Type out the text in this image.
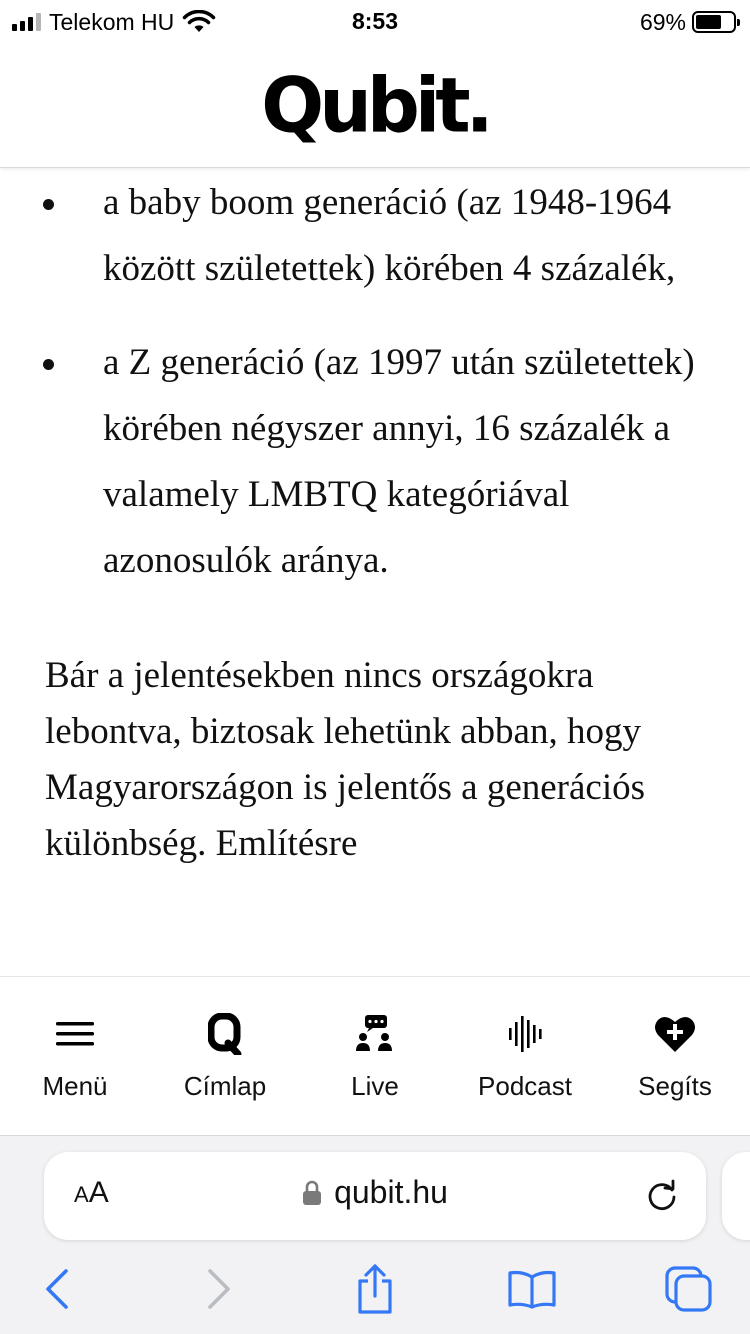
Telekom HU	8:53	69%
Qubit.
a baby boom generáció (az 1948-1964 között születettek) körében 4 százalék,
a Z generáció (az 1997 után születettek) körében négyszer annyi, 16 százalék a valamely LMBTQ kategóriával azonosulók aránya.

Bár a jelentésekben nincs országokra lebontva, biztosak lehetünk abban, hogy Magyarországon is jelentős a generációs különbség. Említésre

Menü	Címlap	Live	Podcast	Segíts
A A	qubit.hu
